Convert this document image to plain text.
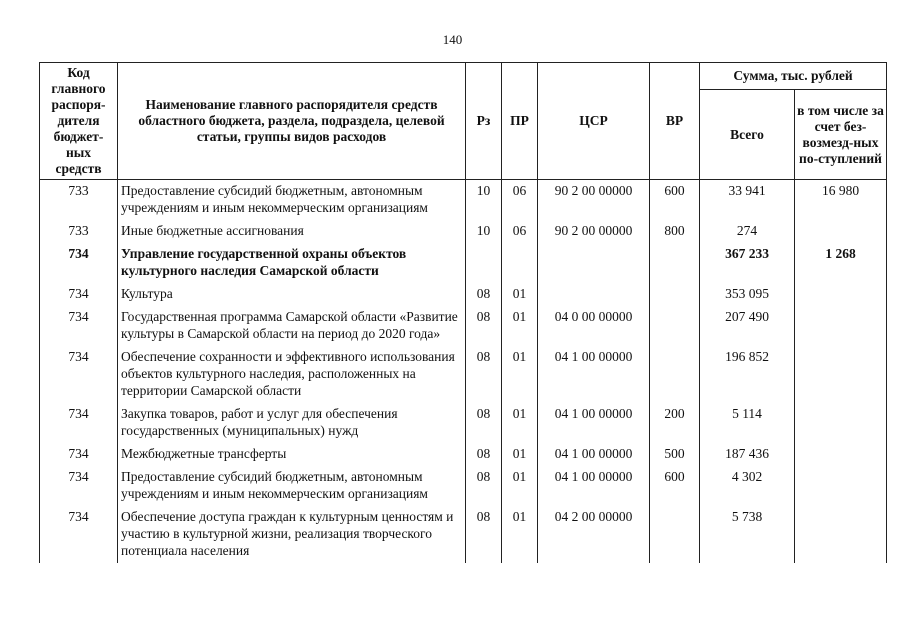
140
Код главного распоря-дителя бюджет-ных средств	Наименование главного распорядителя средств областного бюджета, раздела, подраздела, целевой статьи, группы видов расходов	Рз	ПР	ЦСР	ВР	Сумма, тыс. рублей	
						Всего	в том числе за счет без-возмезд-ных по-ступлений
733	Предоставление субсидий бюджетным, автономным учреждениям и иным некоммерческим организациям	10	06	90 2 00 00000	600	33 941	16 980
733	Иные бюджетные ассигнования	10	06	90 2 00 00000	800	274	
734	Управление государственной охраны объектов культурного наследия Самарской области					367 233	1 268
734	Культура	08	01			353 095	
734	Государственная программа Самарской области «Развитие культуры в Самарской области на период до 2020 года»	08	01	04 0 00 00000		207 490	
734	Обеспечение сохранности и эффективного использования объектов культурного наследия, расположенных на территории Самарской области	08	01	04 1 00 00000		196 852	
734	Закупка товаров, работ и услуг для обеспечения государственных (муниципальных) нужд	08	01	04 1 00 00000	200	5 114	
734	Межбюджетные трансферты	08	01	04 1 00 00000	500	187 436	
734	Предоставление субсидий бюджетным, автономным учреждениям и иным некоммерческим организациям	08	01	04 1 00 00000	600	4 302	
734	Обеспечение доступа граждан к культурным ценностям и участию в культурной жизни, реализация творческого потенциала населения	08	01	04 2 00 00000		5 738	
